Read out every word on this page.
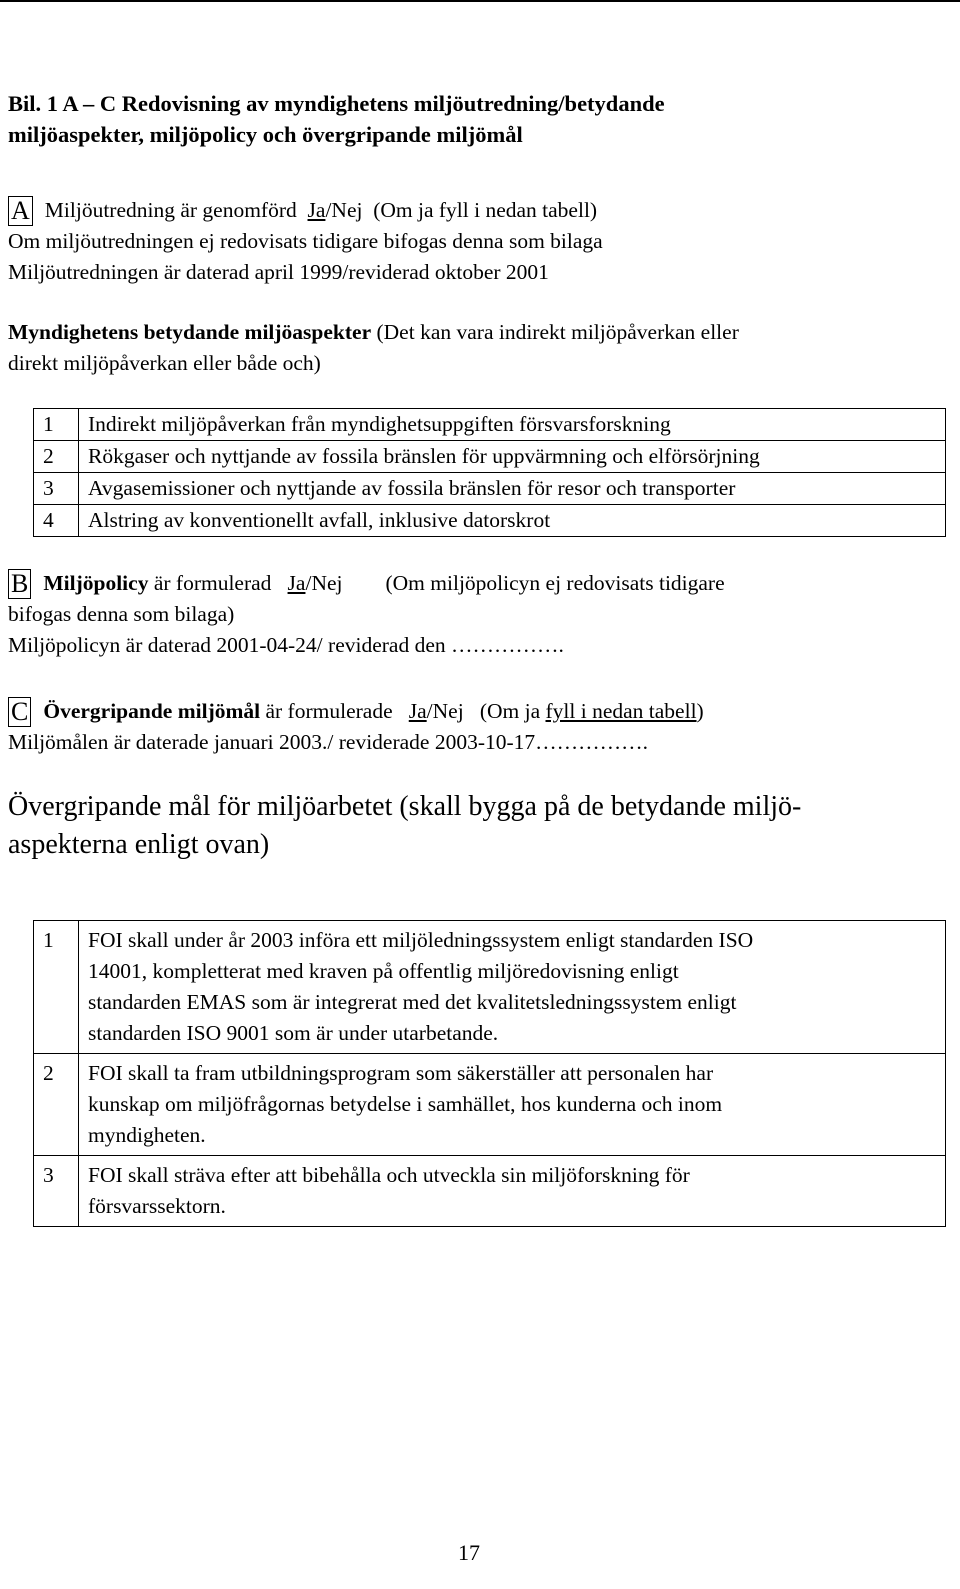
Bil. 1 A – C Redovisning av myndighetens miljöutredning/betydande
miljöaspekter, miljöpolicy och övergripande miljömål
A Miljöutredning är genomförd  Ja/Nej  (Om ja fyll i nedan tabell)
Om miljöutredningen ej redovisats tidigare bifogas denna som bilaga
Miljöutredningen är daterad april 1999/reviderad oktober 2001
Myndighetens betydande miljöaspekter (Det kan vara indirekt miljöpåverkan eller
direkt miljöpåverkan eller både och)
1	Indirekt miljöpåverkan från myndighetsuppgiften försvarsforskning
2	Rökgaser och nyttjande av fossila bränslen för uppvärmning och elförsörjning
3	Avgasemissioner och nyttjande av fossila bränslen för resor och transporter
4	Alstring av konventionellt avfall, inklusive datorskrot
B Miljöpolicy är formulerad   Ja/Nej        (Om miljöpolicyn ej redovisats tidigare
bifogas denna som bilaga)
Miljöpolicyn är daterad 2001-04-24/ reviderad den …………….
C Övergripande miljömål är formulerade   Ja/Nej   (Om ja fyll i nedan tabell)
Miljömålen är daterade januari 2003./ reviderade 2003-10-17…………….
Övergripande mål för miljöarbetet (skall bygga på de betydande miljö-
aspekterna enligt ovan)
1	FOI skall under år 2003 införa ett miljöledningssystem enligt standarden ISO
14001, kompletterat med kraven på offentlig miljöredovisning enligt
standarden EMAS som är integrerat med det kvalitetsledningssystem enligt
standarden ISO 9001 som är under utarbetande.

2	FOI skall ta fram utbildningsprogram som säkerställer att personalen har
kunskap om miljöfrågornas betydelse i samhället, hos kunderna och inom
myndigheten.

3	FOI skall sträva efter att bibehålla och utveckla sin miljöforskning för
försvarssektorn.
17
